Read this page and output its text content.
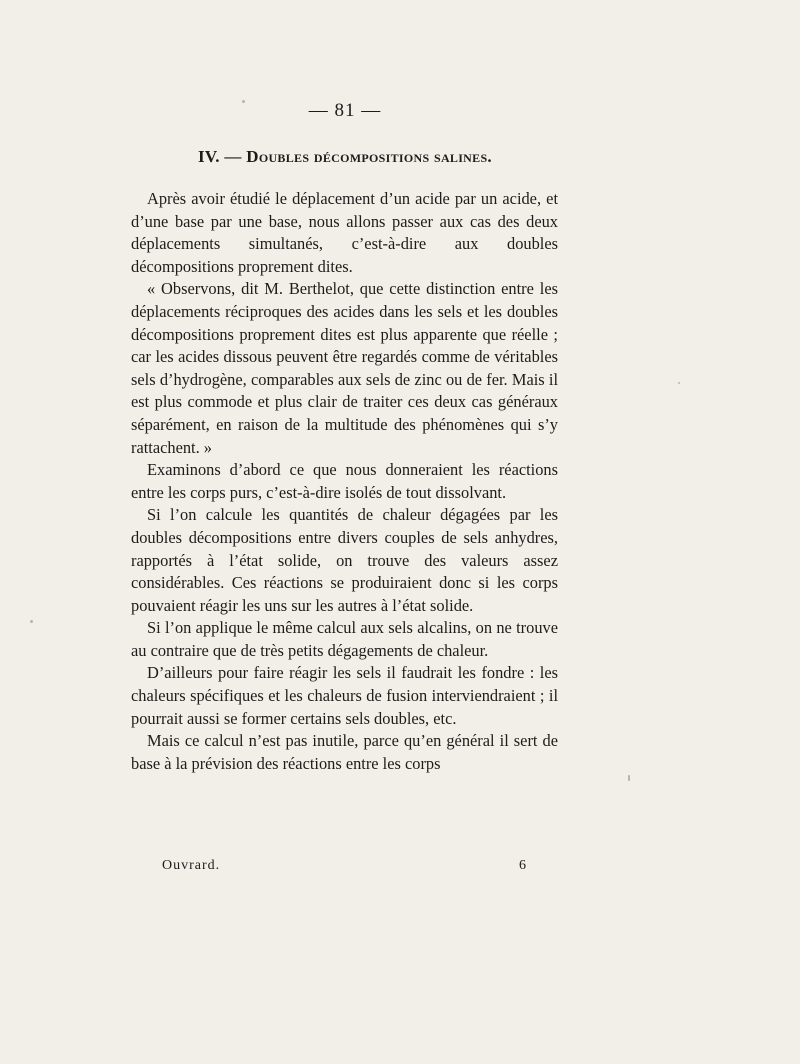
— 81 —
IV. — Doubles décompositions salines.

Après avoir étudié le déplacement d’un acide par un acide, et d’une base par une base, nous allons passer aux cas des deux déplacements simultanés, c’est-à-dire aux doubles décompositions proprement dites.

« Observons, dit M. Berthelot, que cette distinction entre les déplacements réciproques des acides dans les sels et les doubles décompositions proprement dites est plus apparente que réelle ; car les acides dissous peuvent être regardés comme de véritables sels d’hydrogène, comparables aux sels de zinc ou de fer. Mais il est plus commode et plus clair de traiter ces deux cas généraux séparément, en raison de la multitude des phénomènes qui s’y rattachent. »

Examinons d’abord ce que nous donneraient les réactions entre les corps purs, c’est-à-dire isolés de tout dissolvant.

Si l’on calcule les quantités de chaleur dégagées par les doubles décompositions entre divers couples de sels anhydres, rapportés à l’état solide, on trouve des valeurs assez considérables. Ces réactions se produiraient donc si les corps pouvaient réagir les uns sur les autres à l’état solide.

Si l’on applique le même calcul aux sels alcalins, on ne trouve au contraire que de très petits dégagements de chaleur.

D’ailleurs pour faire réagir les sels il faudrait les fondre : les chaleurs spécifiques et les chaleurs de fusion interviendraient ; il pourrait aussi se former certains sels doubles, etc.

Mais ce calcul n’est pas inutile, parce qu’en général il sert de base à la prévision des réactions entre les corps

Ouvrard.	6
